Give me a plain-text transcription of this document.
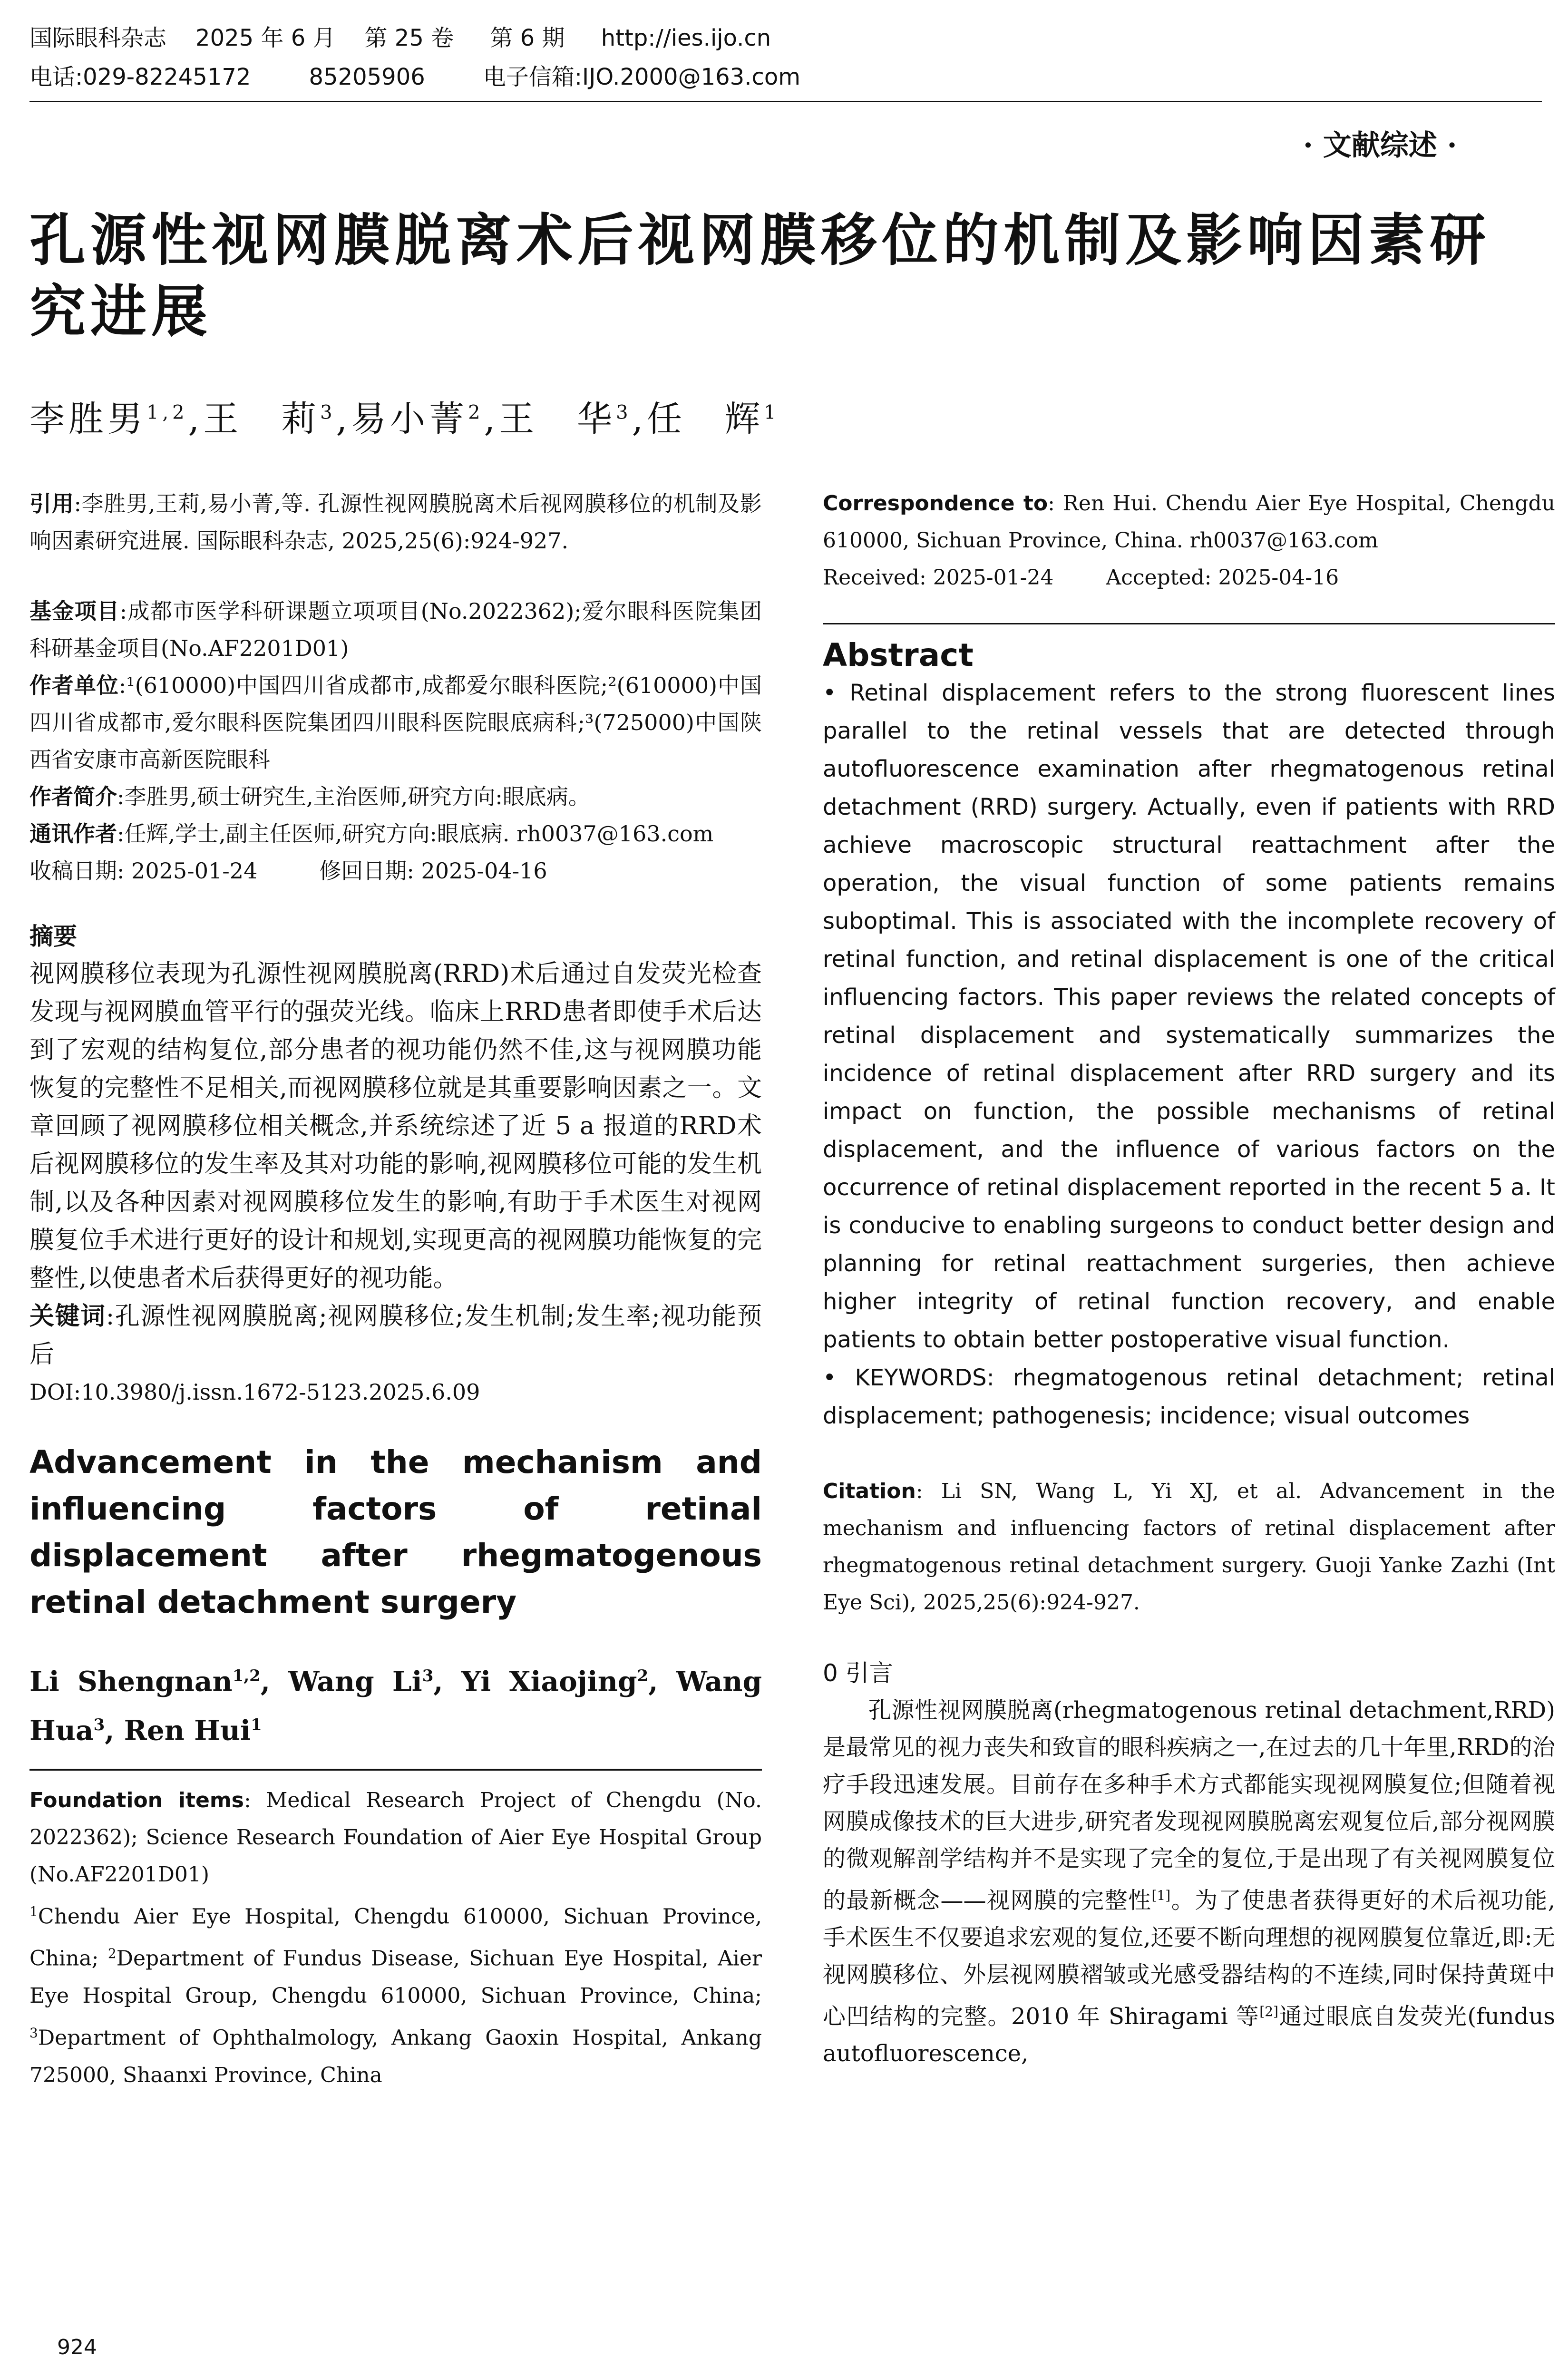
国际眼科杂志    2025 年 6 月    第 25 卷     第 6 期     http://ies.ijo.cn
电话:029-82245172        85205906        电子信箱:IJO.2000@163.com
· 文献综述 ·
孔源性视网膜脱离术后视网膜移位的机制及影响因素研
究进展
李胜男$^{1,2}$,王　莉$^3$,易小菁$^2$,王　华$^3$,任　辉$^1$

引用:李胜男,王莉,易小菁,等. 孔源性视网膜脱离术后视网膜移位的机制及影响因素研究进展. 国际眼科杂志, 2025,25(6):924-927.

基金项目:成都市医学科研课题立项项目(No.2022362);爱尔眼科医院集团科研基金项目(No.AF2201D01)

作者单位:¹(610000)中国四川省成都市,成都爱尔眼科医院;²(610000)中国四川省成都市,爱尔眼科医院集团四川眼科医院眼底病科;³(725000)中国陕西省安康市高新医院眼科

作者简介:李胜男,硕士研究生,主治医师,研究方向:眼底病。

通讯作者:任辉,学士,副主任医师,研究方向:眼底病. rh0037@163.com

收稿日期: 2025-01-24	修回日期: 2025-04-16

摘要

视网膜移位表现为孔源性视网膜脱离(RRD)术后通过自发荧光检查发现与视网膜血管平行的强荧光线。临床上RRD患者即使手术后达到了宏观的结构复位,部分患者的视功能仍然不佳,这与视网膜功能恢复的完整性不足相关,而视网膜移位就是其重要影响因素之一。文章回顾了视网膜移位相关概念,并系统综述了近 5 a 报道的RRD术后视网膜移位的发生率及其对功能的影响,视网膜移位可能的发生机制,以及各种因素对视网膜移位发生的影响,有助于手术医生对视网膜复位手术进行更好的设计和规划,实现更高的视网膜功能恢复的完整性,以使患者术后获得更好的视功能。

关键词:孔源性视网膜脱离;视网膜移位;发生机制;发生率;视功能预后

DOI:10.3980/j.issn.1672-5123.2025.6.09

Advancement in the mechanism and influencing factors of retinal displacement after rhegmatogenous retinal detachment surgery

Li Shengnan$^{1,2}$, Wang Li$^3$, Yi Xiaojing$^2$, Wang Hua$^3$, Ren Hui$^1$

Foundation items: Medical Research Project of Chengdu (No. 2022362); Science Research Foundation of Aier Eye Hospital Group (No.AF2201D01)

$^1$Chendu Aier Eye Hospital, Chengdu 610000, Sichuan Province, China; $^2$Department of Fundus Disease, Sichuan Eye Hospital, Aier Eye Hospital Group, Chengdu 610000, Sichuan Province, China; $^3$Department of Ophthalmology, Ankang Gaoxin Hospital, Ankang 725000, Shaanxi Province, China

Correspondence to: Ren Hui. Chendu Aier Eye Hospital, Chengdu 610000, Sichuan Province, China. rh0037@163.com

Received: 2025-01-24	Accepted: 2025-04-16

Abstract

• Retinal displacement refers to the strong fluorescent lines parallel to the retinal vessels that are detected through autofluorescence examination after rhegmatogenous retinal detachment (RRD) surgery. Actually, even if patients with RRD achieve macroscopic structural reattachment after the operation, the visual function of some patients remains suboptimal. This is associated with the incomplete recovery of retinal function, and retinal displacement is one of the critical influencing factors. This paper reviews the related concepts of retinal displacement and systematically summarizes the incidence of retinal displacement after RRD surgery and its impact on function, the possible mechanisms of retinal displacement, and the influence of various factors on the occurrence of retinal displacement reported in the recent 5 a. It is conducive to enabling surgeons to conduct better design and planning for retinal reattachment surgeries, then achieve higher integrity of retinal function recovery, and enable patients to obtain better postoperative visual function.

• KEYWORDS: rhegmatogenous retinal detachment; retinal displacement; pathogenesis; incidence; visual outcomes

Citation: Li SN, Wang L, Yi XJ, et al. Advancement in the mechanism and influencing factors of retinal displacement after rhegmatogenous retinal detachment surgery. Guoji Yanke Zazhi (Int Eye Sci), 2025,25(6):924-927.

0 引言

孔源性视网膜脱离(rhegmatogenous retinal detachment,RRD)是最常见的视力丧失和致盲的眼科疾病之一,在过去的几十年里,RRD的治疗手段迅速发展。目前存在多种手术方式都能实现视网膜复位;但随着视网膜成像技术的巨大进步,研究者发现视网膜脱离宏观复位后,部分视网膜的微观解剖学结构并不是实现了完全的复位,于是出现了有关视网膜复位的最新概念——视网膜的完整性[1]。为了使患者获得更好的术后视功能,手术医生不仅要追求宏观的复位,还要不断向理想的视网膜复位靠近,即:无视网膜移位、外层视网膜褶皱或光感受器结构的不连续,同时保持黄斑中心凹结构的完整。2010 年 Shiragami 等[2]通过眼底自发荧光(fundus autofluorescence,

924
